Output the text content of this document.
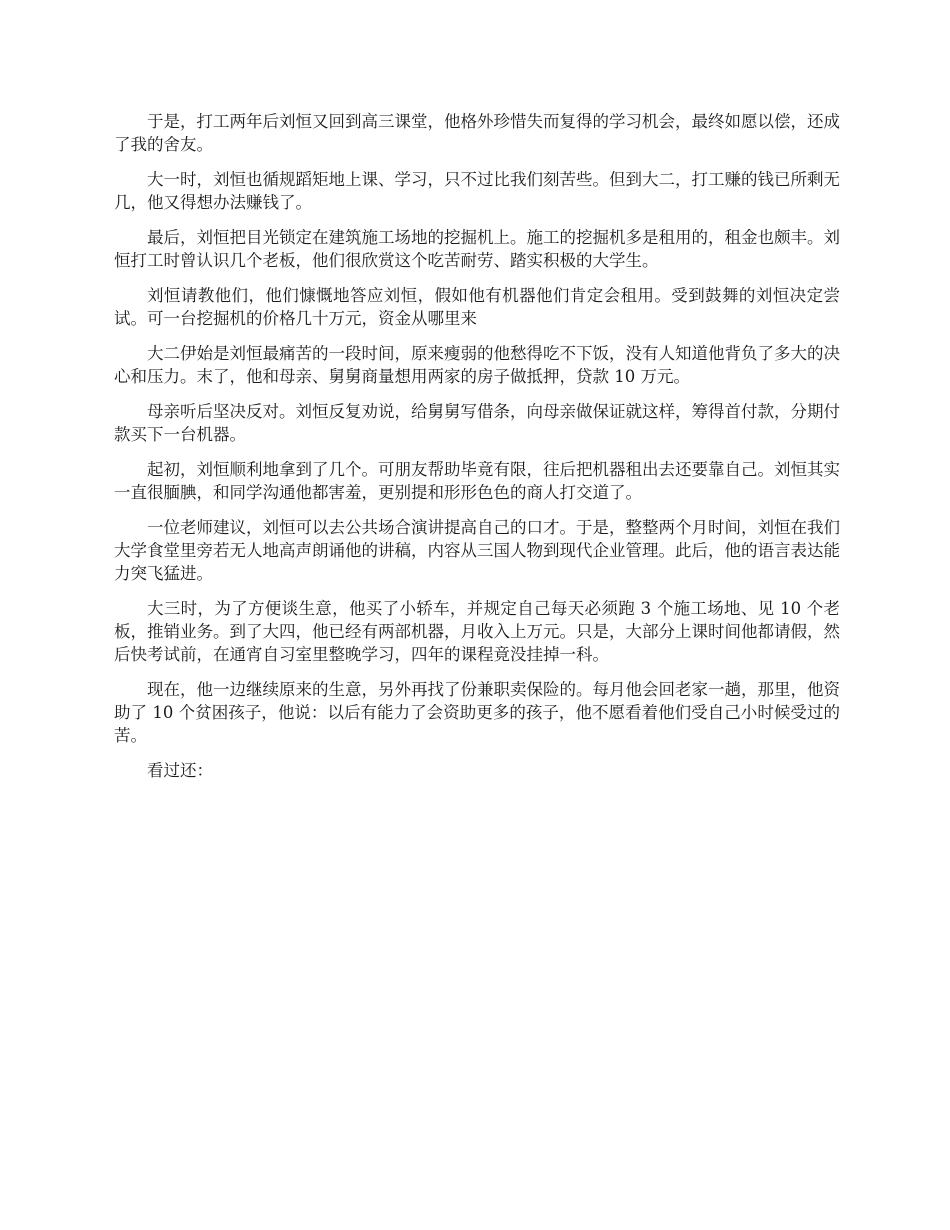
于是，打工两年后刘恒又回到高三课堂，他格外珍惜失而复得的学习机会，最终如愿以偿，还成了我的舍友。

大一时，刘恒也循规蹈矩地上课、学习，只不过比我们刻苦些。但到大二，打工赚的钱已所剩无几，他又得想办法赚钱了。

最后，刘恒把目光锁定在建筑施工场地的挖掘机上。施工的挖掘机多是租用的，租金也颇丰。刘恒打工时曾认识几个老板，他们很欣赏这个吃苦耐劳、踏实积极的大学生。

刘恒请教他们，他们慷慨地答应刘恒，假如他有机器他们肯定会租用。受到鼓舞的刘恒决定尝试。可一台挖掘机的价格几十万元，资金从哪里来

大二伊始是刘恒最痛苦的一段时间，原来瘦弱的他愁得吃不下饭，没有人知道他背负了多大的决心和压力。末了，他和母亲、舅舅商量想用两家的房子做抵押，贷款 10 万元。

母亲听后坚决反对。刘恒反复劝说，给舅舅写借条，向母亲做保证就这样，筹得首付款，分期付款买下一台机器。

起初，刘恒顺利地拿到了几个。可朋友帮助毕竟有限，往后把机器租出去还要靠自己。刘恒其实一直很腼腆，和同学沟通他都害羞，更别提和形形色色的商人打交道了。

一位老师建议，刘恒可以去公共场合演讲提高自己的口才。于是，整整两个月时间，刘恒在我们大学食堂里旁若无人地高声朗诵他的讲稿，内容从三国人物到现代企业管理。此后，他的语言表达能力突飞猛进。

大三时，为了方便谈生意，他买了小轿车，并规定自己每天必须跑 3 个施工场地、见 10 个老板，推销业务。到了大四，他已经有两部机器，月收入上万元。只是，大部分上课时间他都请假，然后快考试前，在通宵自习室里整晚学习，四年的课程竟没挂掉一科。

现在，他一边继续原来的生意，另外再找了份兼职卖保险的。每月他会回老家一趟，那里，他资助了 10 个贫困孩子，他说：以后有能力了会资助更多的孩子，他不愿看着他们受自己小时候受过的苦。

看过还：
